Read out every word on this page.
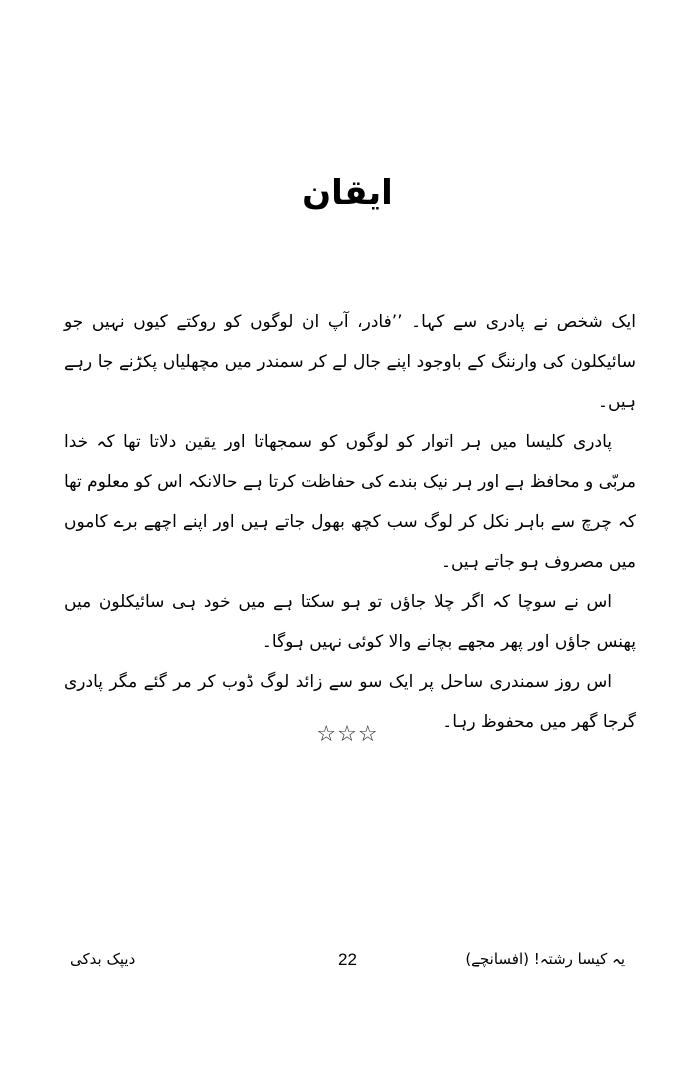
ایقان

ایک شخص نے پادری سے کہا۔ ’’فادر، آپ ان لوگوں کو روکتے کیوں نہیں جو سائیکلون کی وارننگ کے باوجود اپنے جال لے کر سمندر میں مچھلیاں پکڑنے جا رہے ہیں۔

پادری کلیسا میں ہر اتوار کو لوگوں کو سمجھاتا اور یقین دلاتا تھا کہ خدا مربّی و محافظ ہے اور ہر نیک بندے کی حفاظت کرتا ہے حالانکہ اس کو معلوم تھا کہ چرچ سے باہر نکل کر لوگ سب کچھ بھول جاتے ہیں اور اپنے اچھے برے کاموں میں مصروف ہو جاتے ہیں۔

اس نے سوچا کہ اگر چلا جاؤں تو ہو سکتا ہے میں خود ہی سائیکلون میں پھنس جاؤں اور پھر مجھے بچانے والا کوئی نہیں ہوگا۔

اس روز سمندری ساحل پر ایک سو سے زائد لوگ ڈوب کر مر گئے مگر پادری گرجا گھر میں محفوظ رہا۔

☆☆☆
دیپک بدکی	22	یہ کیسا رشتہ! (افسانچے)
